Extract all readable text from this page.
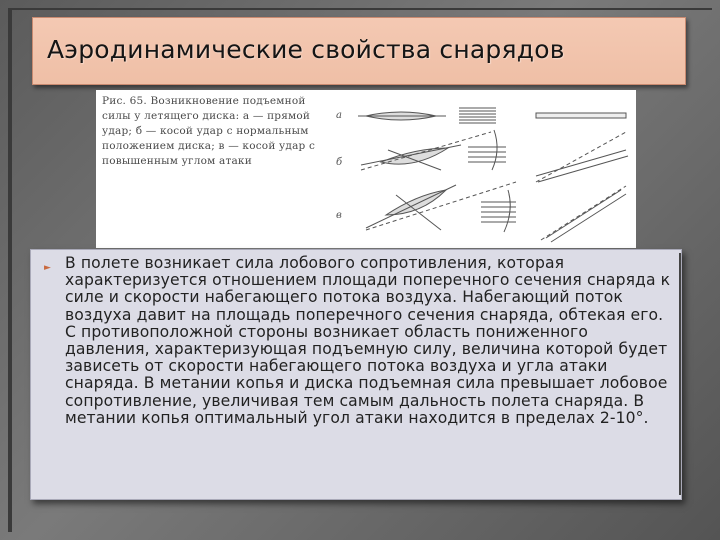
Аэродинамические свойства снарядов
Рис. 65. Возникновение подъемной силы у летящего диска: а — прямой удар; б — косой удар с нормальным положением диска; в — косой удар с повышенным углом атаки
а
б
в
► В полете возникает сила лобового сопротивления, которая характеризуется отношением площади поперечного сечения снаряда к силе и скорости набегающего потока воздуха. Набегающий поток воздуха давит на площадь поперечного сечения снаряда, обтекая его. С противоположной стороны возникает область пониженного давления, характеризующая подъемную силу, величина которой будет зависеть от скорости набегающего потока воздуха и угла атаки снаряда. В метании копья и диска подъемная сила превышает лобовое сопротивление, увеличивая тем самым дальность полета снаряда. В метании копья оптимальный угол атаки находится в пределах 2-10°.
